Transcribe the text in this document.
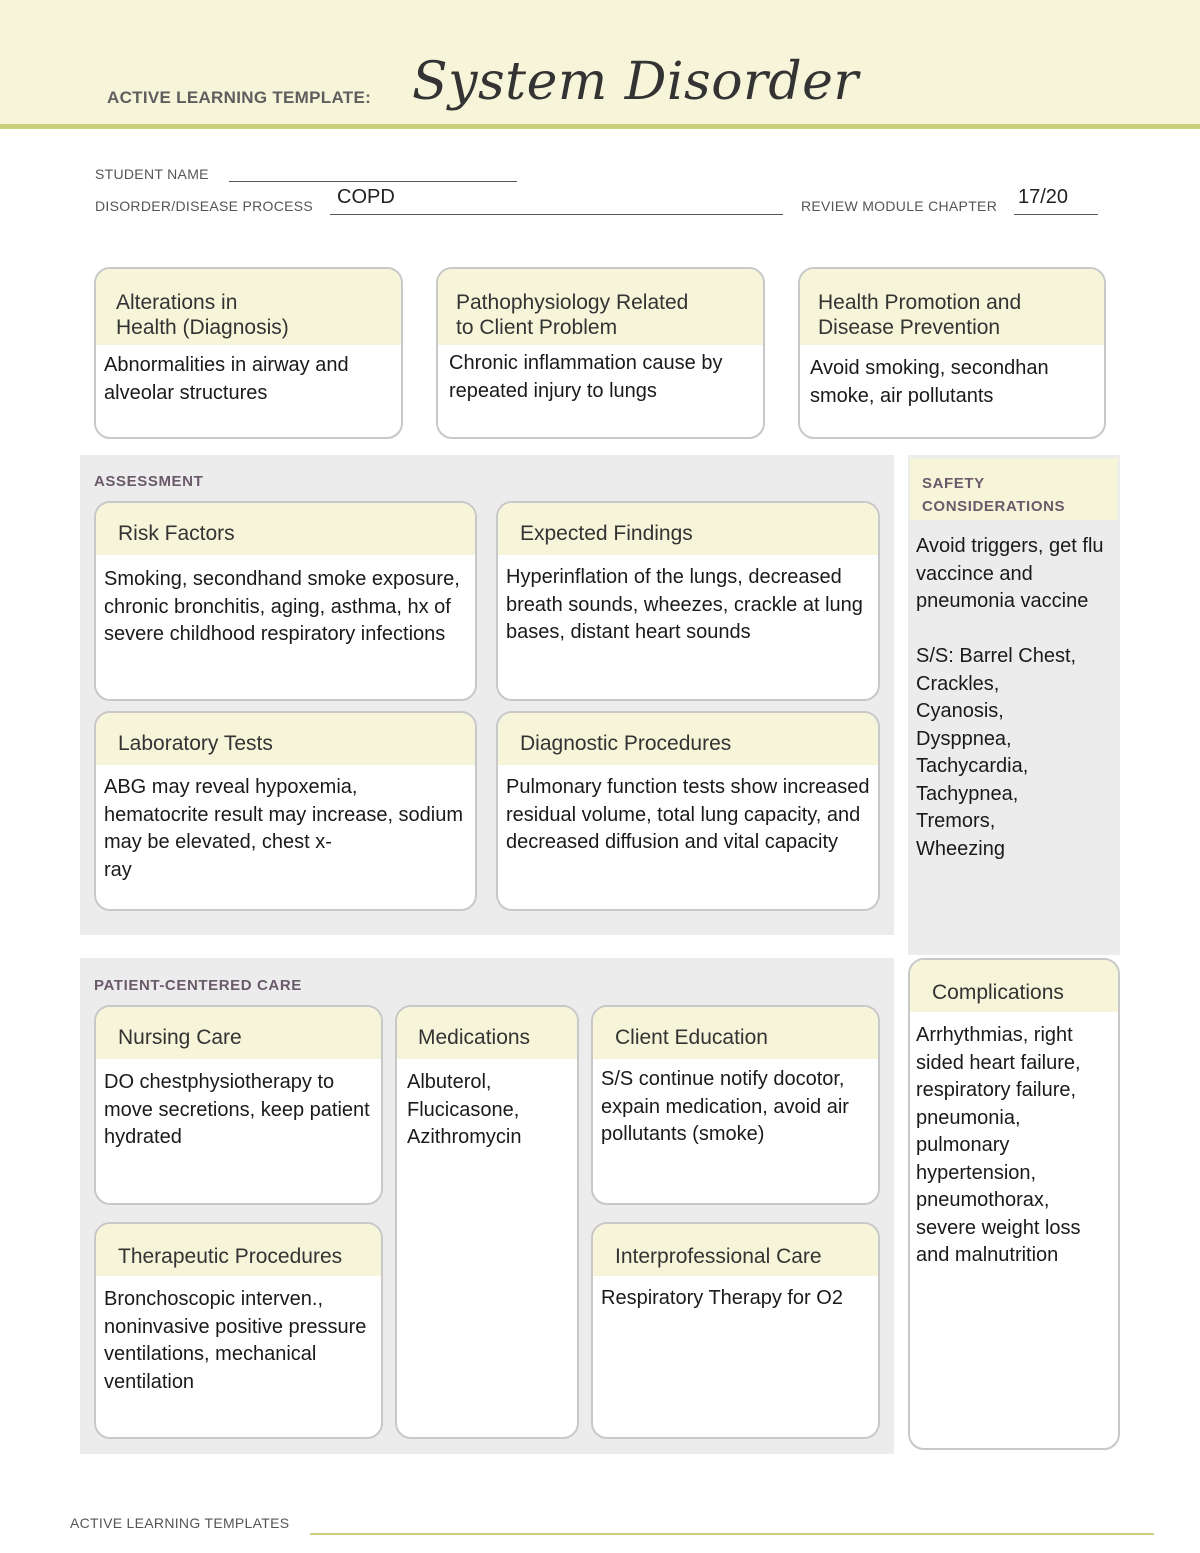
ACTIVE LEARNING TEMPLATE: System Disorder
STUDENT NAME
DISORDER/DISEASE PROCESS COPD	REVIEW MODULE CHAPTER 17/20
Alterations in
Health (Diagnosis)
Abnormalities in airway and alveolar structures
Pathophysiology Related
to Client Problem
Chronic inflammation cause by repeated injury to lungs
Health Promotion and
Disease Prevention
Avoid smoking, secondhan smoke, air pollutants
ASSESSMENT
Risk Factors
Smoking, secondhand smoke exposure, chronic bronchitis, aging, asthma, hx of severe childhood respiratory infections
Expected Findings
Hyperinflation of the lungs, decreased breath sounds, wheezes, crackle at lung bases, distant heart sounds
Laboratory Tests
ABG may reveal hypoxemia, hematocrite result may increase, sodium may be elevated, chest x-
ray
Diagnostic Procedures
Pulmonary function tests show increased residual volume, total lung capacity, and decreased diffusion and vital capacity
SAFETY
CONSIDERATIONS
Avoid triggers, get flu vaccince and pneumonia vaccine

S/S: Barrel Chest,
Crackles,
Cyanosis,
Dysppnea,
Tachycardia,
Tachypnea,
Tremors,
Wheezing
PATIENT-CENTERED CARE
Nursing Care
DO chestphysiotherapy to move secretions, keep patient hydrated
Medications
Albuterol,
Flucicasone,
Azithromycin
Client Education
S/S continue notify docotor, expain medication, avoid air pollutants (smoke)
Therapeutic Procedures
Bronchoscopic interven., noninvasive positive pressure ventilations, mechanical ventilation
Interprofessional Care
Respiratory Therapy for O2
Complications
Arrhythmias, right sided heart failure, respiratory failure, pneumonia, pulmonary hypertension, pneumothorax, severe weight loss and malnutrition
ACTIVE LEARNING TEMPLATES
